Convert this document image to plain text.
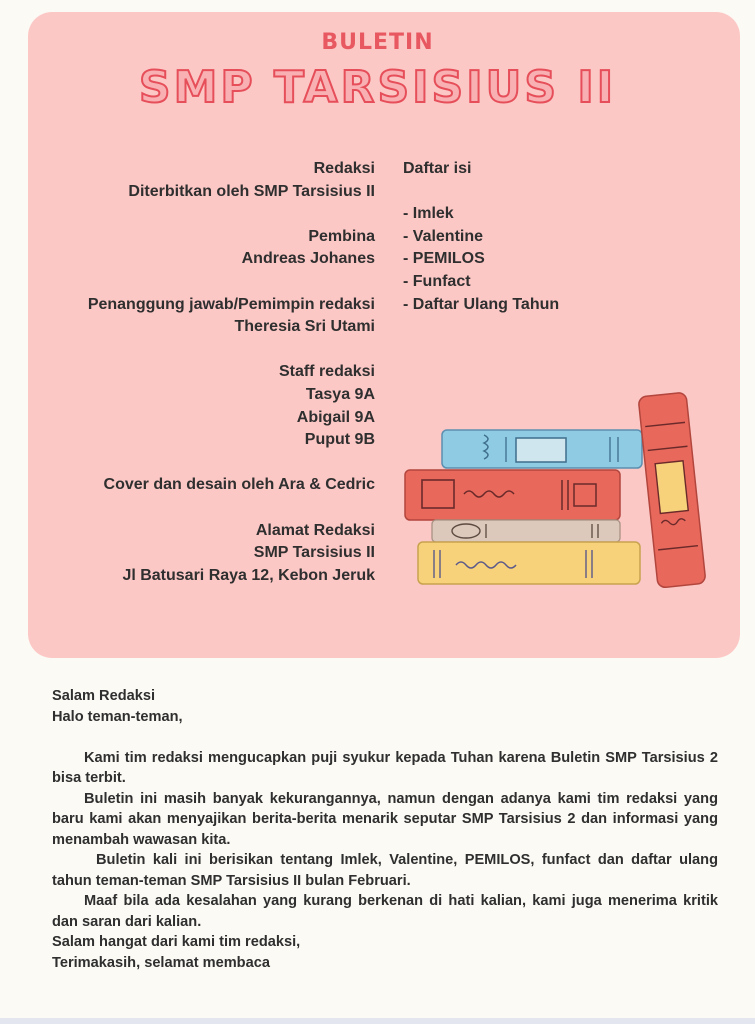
BULETIN
SMP TARSISIUS II
Redaksi
Diterbitkan oleh SMP Tarsisius II
Pembina
Andreas Johanes
Penanggung jawab/Pemimpin redaksi
Theresia Sri Utami
Staff redaksi
Tasya 9A
Abigail 9A
Puput 9B
Cover dan desain oleh Ara & Cedric
Alamat Redaksi
SMP Tarsisius II
Jl Batusari Raya 12, Kebon Jeruk
Daftar isi
- Imlek
- Valentine
- PEMILOS
- Funfact
- Daftar Ulang Tahun

Salam Redaksi

Halo teman-teman,

Kami tim redaksi mengucapkan puji syukur kepada Tuhan karena Buletin SMP Tarsisius 2 bisa terbit.

Buletin ini masih banyak kekurangannya, namun dengan adanya kami tim redaksi yang baru kami akan menyajikan berita-berita menarik seputar SMP Tarsisius 2 dan informasi yang menambah wawasan kita.

Buletin kali ini berisikan tentang Imlek, Valentine, PEMILOS, funfact dan daftar ulang tahun teman-teman SMP Tarsisius II bulan Februari.

Maaf bila ada kesalahan yang kurang berkenan di hati kalian, kami juga menerima kritik dan saran dari kalian.

Salam hangat dari kami tim redaksi,

Terimakasih, selamat membaca
